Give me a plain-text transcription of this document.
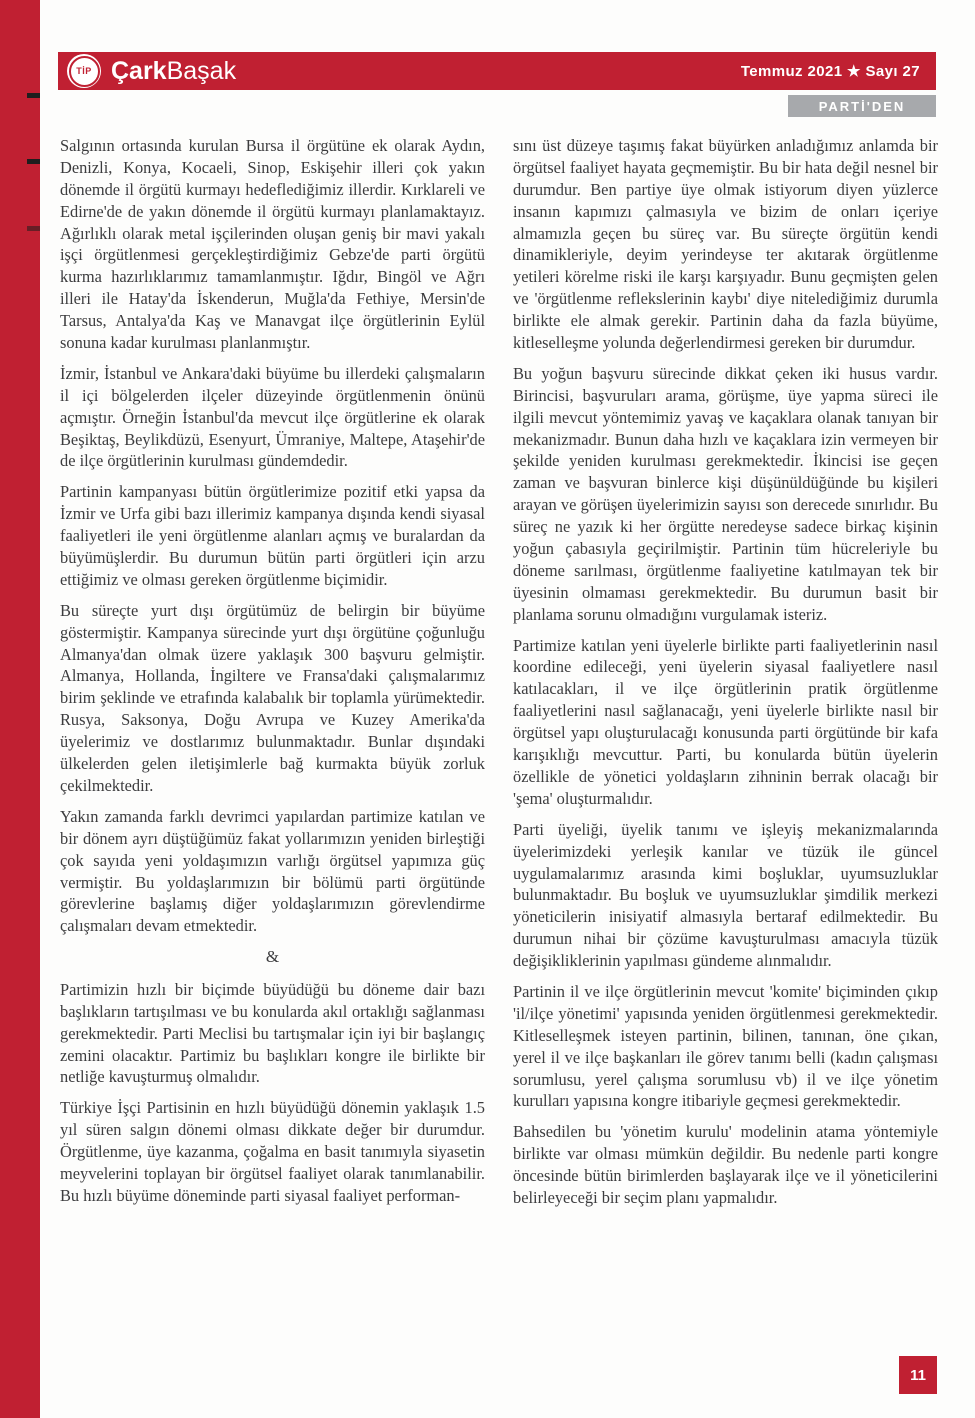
TİP ÇarkBaşak	Temmuz 2021 ★ Sayı 27
PARTİ'DEN

Salgının ortasında kurulan Bursa il örgütüne ek olarak Aydın, Denizli, Konya, Kocaeli, Sinop, Eskişehir illeri çok yakın dönemde il örgütü kurmayı hedeflediğimiz illerdir. Kırklareli ve Edirne'de de yakın dönemde il örgütü kurmayı planlamaktayız. Ağırlıklı olarak metal işçilerinden oluşan geniş bir mavi yakalı işçi örgütlenmesi gerçekleştirdiğimiz Gebze'de parti örgütü kurma hazırlıklarımız tamamlanmıştır. Iğdır, Bingöl ve Ağrı illeri ile Hatay'da İskenderun, Muğla'da Fethiye, Mersin'de Tarsus, Antalya'da Kaş ve Manavgat ilçe örgütlerinin Eylül sonuna kadar kurulması planlanmıştır.

İzmir, İstanbul ve Ankara'daki büyüme bu illerdeki çalışmaların il içi bölgelerden ilçeler düzeyinde örgütlenmenin önünü açmıştır. Örneğin İstanbul'da mevcut ilçe örgütlerine ek olarak Beşiktaş, Beylikdüzü, Esenyurt, Ümraniye, Maltepe, Ataşehir'de de ilçe örgütlerinin kurulması gündemdedir.

Partinin kampanyası bütün örgütlerimize pozitif etki yapsa da İzmir ve Urfa gibi bazı illerimiz kampanya dışında kendi siyasal faaliyetleri ile yeni örgütlenme alanları açmış ve buralardan da büyümüşlerdir. Bu durumun bütün parti örgütleri için arzu ettiğimiz ve olması gereken örgütlenme biçimidir.

Bu süreçte yurt dışı örgütümüz de belirgin bir büyüme göstermiştir. Kampanya sürecinde yurt dışı örgütüne çoğunluğu Almanya'dan olmak üzere yaklaşık 300 başvuru gelmiştir. Almanya, Hollanda, İngiltere ve Fransa'daki çalışmalarımız birim şeklinde ve etrafında kalabalık bir toplamla yürümektedir. Rusya, Saksonya, Doğu Avrupa ve Kuzey Amerika'da üyelerimiz ve dostlarımız bulunmaktadır. Bunlar dışındaki ülkelerden gelen iletişimlerle bağ kurmakta büyük zorluk çekilmektedir.

Yakın zamanda farklı devrimci yapılardan partimize katılan ve bir dönem ayrı düştüğümüz fakat yollarımızın yeniden birleştiği çok sayıda yeni yoldaşımızın varlığı örgütsel yapımıza güç vermiştir. Bu yoldaşlarımızın bir bölümü parti örgütünde görevlerine başlamış diğer yoldaşlarımızın görevlendirme çalışmaları devam etmektedir.

&

Partimizin hızlı bir biçimde büyüdüğü bu döneme dair bazı başlıkların tartışılması ve bu konularda akıl ortaklığı sağlanması gerekmektedir. Parti Meclisi bu tartışmalar için iyi bir başlangıç zemini olacaktır. Partimiz bu başlıkları kongre ile birlikte bir netliğe kavuşturmuş olmalıdır.

Türkiye İşçi Partisinin en hızlı büyüdüğü dönemin yaklaşık 1.5 yıl süren salgın dönemi olması dikkate değer bir durumdur. Örgütlenme, üye kazanma, çoğalma en basit tanımıyla siyasetin meyvelerini toplayan bir örgütsel faaliyet olarak tanımlanabilir. Bu hızlı büyüme döneminde parti siyasal faaliyet performan-

sını üst düzeye taşımış fakat büyürken anladığımız anlamda bir örgütsel faaliyet hayata geçmemiştir. Bu bir hata değil nesnel bir durumdur. Ben partiye üye olmak istiyorum diyen yüzlerce insanın kapımızı çalmasıyla ve bizim de onları içeriye almamızla geçen bu süreç var. Bu süreçte örgütün kendi dinamikleriyle, deyim yerindeyse ter akıtarak örgütlenme yetileri körelme riski ile karşı karşıyadır. Bunu geçmişten gelen ve 'örgütlenme reflekslerinin kaybı' diye nitelediğimiz durumla birlikte ele almak gerekir. Partinin daha da fazla büyüme, kitleselleşme yolunda değerlendirmesi gereken bir durumdur.

Bu yoğun başvuru sürecinde dikkat çeken iki husus vardır. Birincisi, başvuruları arama, görüşme, üye yapma süreci ile ilgili mevcut yöntemimiz yavaş ve kaçaklara olanak tanıyan bir mekanizmadır. Bunun daha hızlı ve kaçaklara izin vermeyen bir şekilde yeniden kurulması gerekmektedir. İkincisi ise geçen zaman ve başvuran binlerce kişi düşünüldüğünde bu kişileri arayan ve görüşen üyelerimizin sayısı son derecede sınırlıdır. Bu süreç ne yazık ki her örgütte neredeyse sadece birkaç kişinin yoğun çabasıyla geçirilmiştir. Partinin tüm hücreleriyle bu döneme sarılması, örgütlenme faaliyetine katılmayan tek bir üyesinin olmaması gerekmektedir. Bu durumun basit bir planlama sorunu olmadığını vurgulamak isteriz.

Partimize katılan yeni üyelerle birlikte parti faaliyetlerinin nasıl koordine edileceği, yeni üyelerin siyasal faaliyetlere nasıl katılacakları, il ve ilçe örgütlerinin pratik örgütlenme faaliyetlerini nasıl sağlanacağı, yeni üyelerle birlikte nasıl bir örgütsel yapı oluşturulacağı konusunda parti örgütünde bir kafa karışıklığı mevcuttur. Parti, bu konularda bütün üyelerin özellikle de yönetici yoldaşların zihninin berrak olacağı bir 'şema' oluşturmalıdır.

Parti üyeliği, üyelik tanımı ve işleyiş mekanizmalarında üyelerimizdeki yerleşik kanılar ve tüzük ile güncel uygulamalarımız arasında kimi boşluklar, uyumsuzluklar bulunmaktadır. Bu boşluk ve uyumsuzluklar şimdilik merkezi yöneticilerin inisiyatif almasıyla bertaraf edilmektedir. Bu durumun nihai bir çözüme kavuşturulması amacıyla tüzük değişikliklerinin yapılması gündeme alınmalıdır.

Partinin il ve ilçe örgütlerinin mevcut 'komite' biçiminden çıkıp 'il/ilçe yönetimi' yapısında yeniden örgütlenmesi gerekmektedir. Kitleselleşmek isteyen partinin, bilinen, tanınan, öne çıkan, yerel il ve ilçe başkanları ile görev tanımı belli (kadın çalışması sorumlusu, yerel çalışma sorumlusu vb) il ve ilçe yönetim kurulları yapısına kongre itibariyle geçmesi gerekmektedir.

Bahsedilen bu 'yönetim kurulu' modelinin atama yöntemiyle birlikte var olması mümkün değildir. Bu nedenle parti kongre öncesinde bütün birimlerden başlayarak ilçe ve il yöneticilerini belirleyeceği bir seçim planı yapmalıdır.

11
